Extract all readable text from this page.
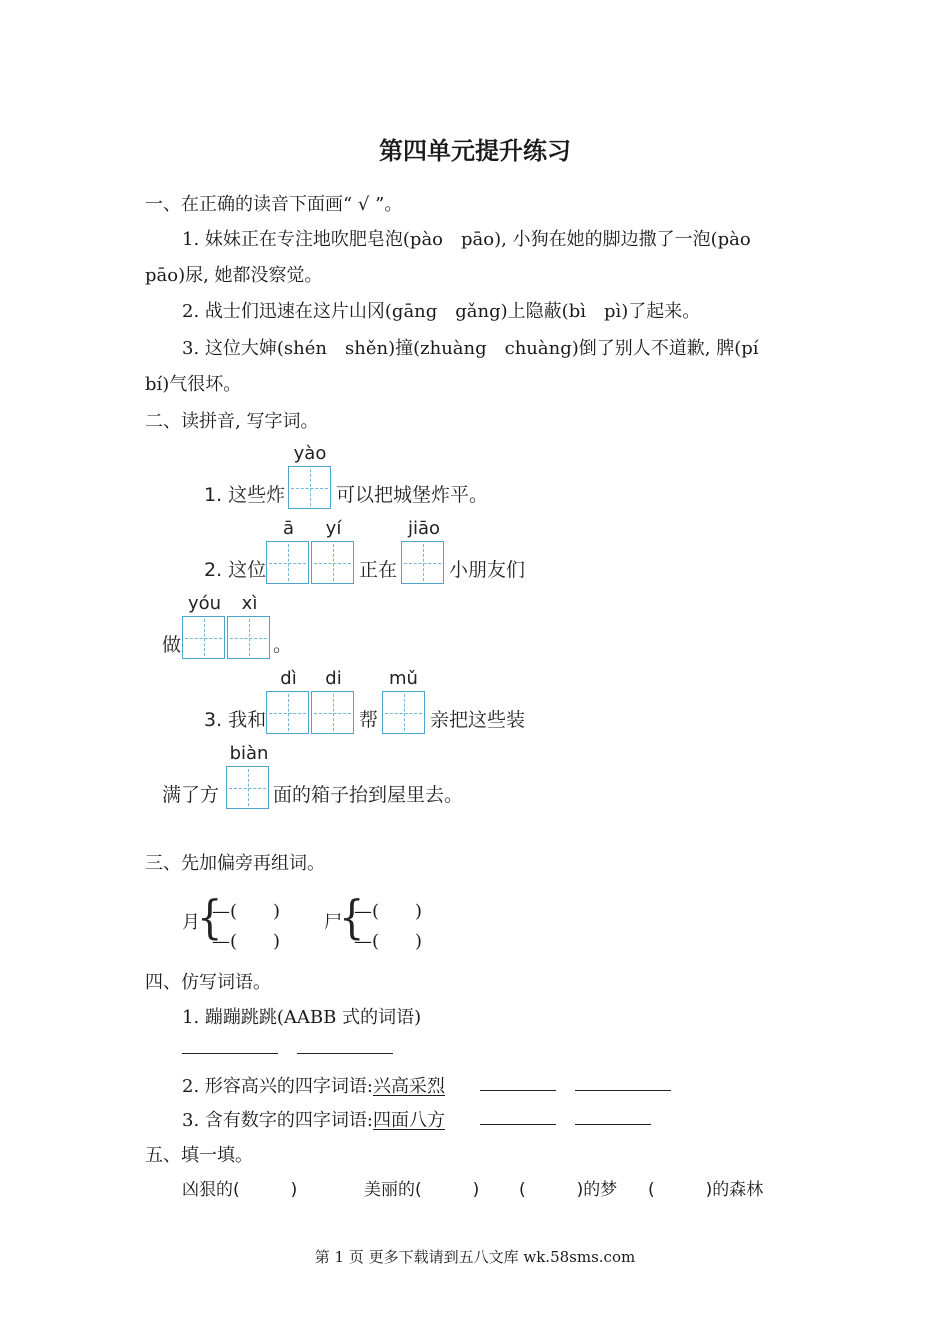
第四单元提升练习
一、在正确的读音下面画“ √ ”。
1. 妹妹正在专注地吹肥皂泡(pào　pāo), 小狗在她的脚边撒了一泡(pào
pāo)尿, 她都没察觉。
2. 战士们迅速在这片山冈(gāng　gǎng)上隐蔽(bì　pì)了起来。
3. 这位大婶(shén　shěn)撞(zhuàng　chuàng)倒了别人不道歉, 脾(pí
bí)气很坏。
二、读拼音, 写字词。
1. 这些炸
yào
可以把城堡炸平。
2. 这位
ā	yí
正在
jiāo
小朋友们
做
yóu	xì
。
3. 我和
dì	di
帮
mǔ
亲把这些装
满了方
biàn
面的箱子抬到屋里去。
三、先加偏旁再组词。
月
{
—(　　)
—(　　)
尸
{
—(　　)
—(　　)
四、仿写词语。
1. 蹦蹦跳跳(AABB 式的词语)
2. 形容高兴的四字词语:兴高采烈
3. 含有数字的四字词语:四面八方
五、填一填。
凶狠的(　　　)	美丽的(　　　) (　　　)的梦 (　　　)的森林
第 1 页 更多下载请到五八文库 wk.58sms.com
